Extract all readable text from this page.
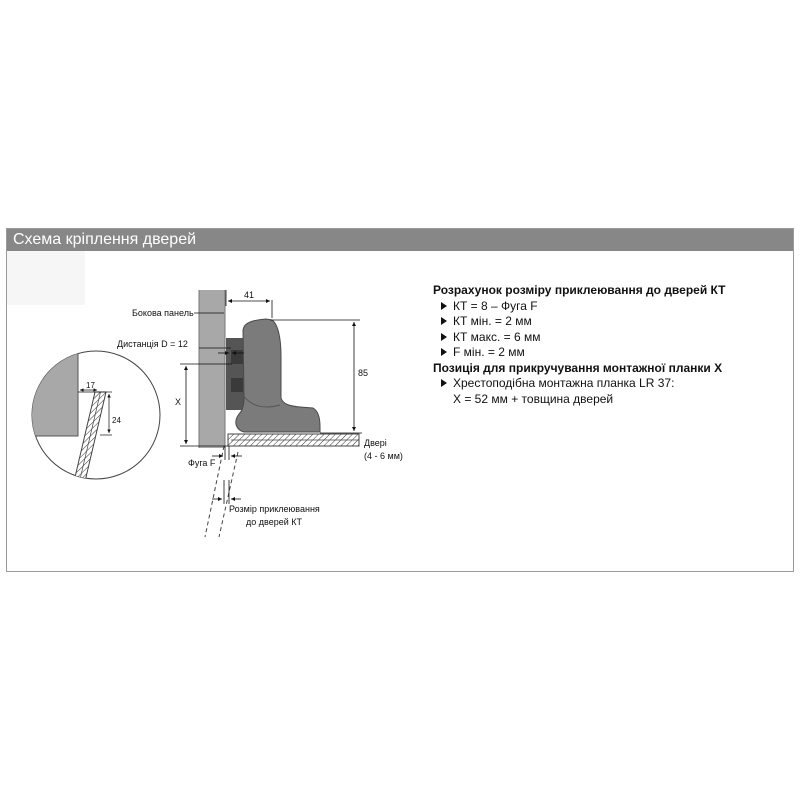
Схема кріплення дверей
41
85
X
Бокова панель
Дистанція D = 12
Фуга F
Двері
(4 - 6 мм)
Розмір приклеювання
до дверей КТ
17
24
Розрахунок розміру приклеювання до дверей КТ
КТ = 8 – Фуга F
КТ мін. = 2 мм
КТ макс. = 6 мм
F мін. = 2 мм
Позиція для прикручування монтажної планки X
Хрестоподібна монтажна планка LR 37:
X = 52 мм + товщина дверей
